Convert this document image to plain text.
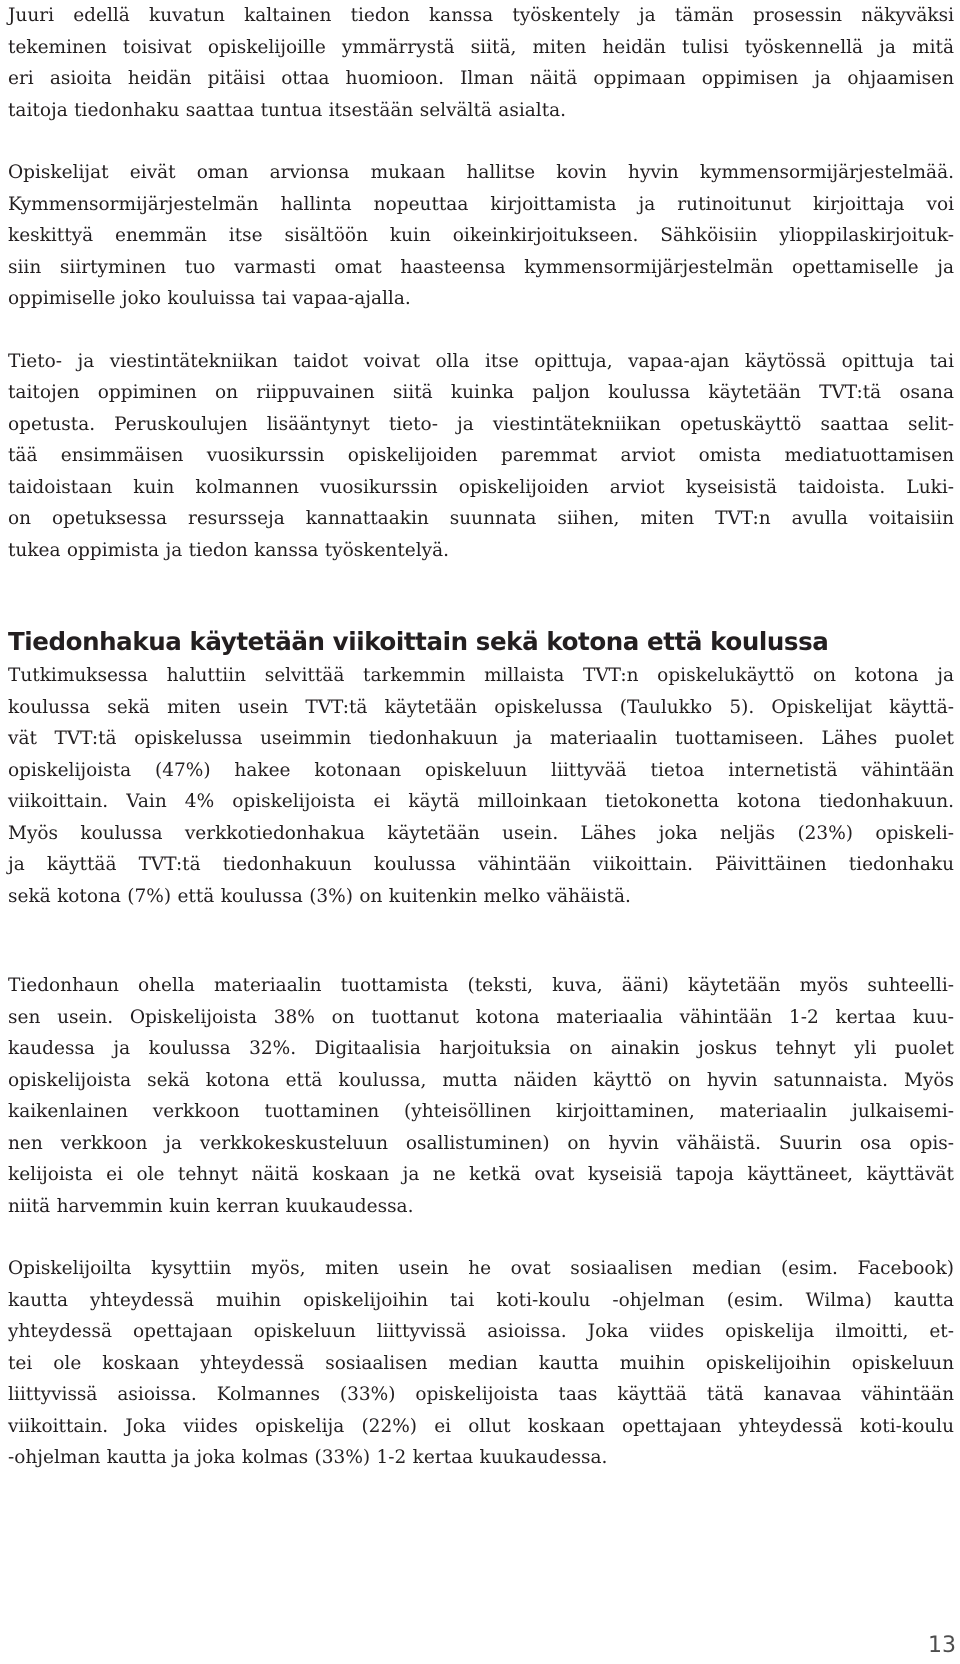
Juuri edellä kuvatun kaltainen tiedon kanssa työskentely ja tämän prosessin näkyväksi
tekeminen toisivat opiskelijoille ymmärrystä siitä, miten heidän tulisi työskennellä ja mitä
eri asioita heidän pitäisi ottaa huomioon. Ilman näitä oppimaan oppimisen ja ohjaamisen
taitoja tiedonhaku saattaa tuntua itsestään selvältä asialta.

Opiskelijat eivät oman arvionsa mukaan hallitse kovin hyvin kymmensormijärjestelmää.
Kymmensormijärjestelmän hallinta nopeuttaa kirjoittamista ja rutinoitunut kirjoittaja voi
keskittyä enemmän itse sisältöön kuin oikeinkirjoitukseen. Sähköisiin ylioppilaskirjoituk-
siin siirtyminen tuo varmasti omat haasteensa kymmensormijärjestelmän opettamiselle ja
oppimiselle joko kouluissa tai vapaa-ajalla.

Tieto- ja viestintätekniikan taidot voivat olla itse opittuja, vapaa-ajan käytössä opittuja tai
taitojen oppiminen on riippuvainen siitä kuinka paljon koulussa käytetään TVT:tä osana
opetusta. Peruskoulujen lisääntynyt tieto- ja viestintätekniikan opetuskäyttö saattaa selit-
tää ensimmäisen vuosikurssin opiskelijoiden paremmat arviot omista mediatuottamisen
taidoistaan kuin kolmannen vuosikurssin opiskelijoiden arviot kyseisistä taidoista. Luki-
on opetuksessa resursseja kannattaakin suunnata siihen, miten TVT:n avulla voitaisiin
tukea oppimista ja tiedon kanssa työskentelyä.

Tiedonhakua käytetään viikoittain sekä kotona että koulussa

Tutkimuksessa haluttiin selvittää tarkemmin millaista TVT:n opiskelukäyttö on kotona ja
koulussa sekä miten usein TVT:tä käytetään opiskelussa (Taulukko 5). Opiskelijat käyttä-
vät TVT:tä opiskelussa useimmin tiedonhakuun ja materiaalin tuottamiseen. Lähes puolet
opiskelijoista (47%) hakee kotonaan opiskeluun liittyvää tietoa internetistä vähintään
viikoittain. Vain 4% opiskelijoista ei käytä milloinkaan tietokonetta kotona tiedonhakuun.
Myös koulussa verkkotiedonhakua käytetään usein. Lähes joka neljäs (23%) opiskeli-
ja käyttää TVT:tä tiedonhakuun koulussa vähintään viikoittain. Päivittäinen tiedonhaku
sekä kotona (7%) että koulussa (3%) on kuitenkin melko vähäistä.

Tiedonhaun ohella materiaalin tuottamista (teksti, kuva, ääni) käytetään myös suhteelli-
sen usein. Opiskelijoista 38% on tuottanut kotona materiaalia vähintään 1-2 kertaa kuu-
kaudessa ja koulussa 32%. Digitaalisia harjoituksia on ainakin joskus tehnyt yli puolet
opiskelijoista sekä kotona että koulussa, mutta näiden käyttö on hyvin satunnaista. Myös
kaikenlainen verkkoon tuottaminen (yhteisöllinen kirjoittaminen, materiaalin julkaisemi-
nen verkkoon ja verkkokeskusteluun osallistuminen) on hyvin vähäistä. Suurin osa opis-
kelijoista ei ole tehnyt näitä koskaan ja ne ketkä ovat kyseisiä tapoja käyttäneet, käyttävät
niitä harvemmin kuin kerran kuukaudessa.

Opiskelijoilta kysyttiin myös, miten usein he ovat sosiaalisen median (esim. Facebook)
kautta yhteydessä muihin opiskelijoihin tai koti-koulu -ohjelman (esim. Wilma) kautta
yhteydessä opettajaan opiskeluun liittyvissä asioissa. Joka viides opiskelija ilmoitti, et-
tei ole koskaan yhteydessä sosiaalisen median kautta muihin opiskelijoihin opiskeluun
liittyvissä asioissa. Kolmannes (33%) opiskelijoista taas käyttää tätä kanavaa vähintään
viikoittain. Joka viides opiskelija (22%) ei ollut koskaan opettajaan yhteydessä koti-koulu
-ohjelman kautta ja joka kolmas (33%) 1-2 kertaa kuukaudessa.

13
